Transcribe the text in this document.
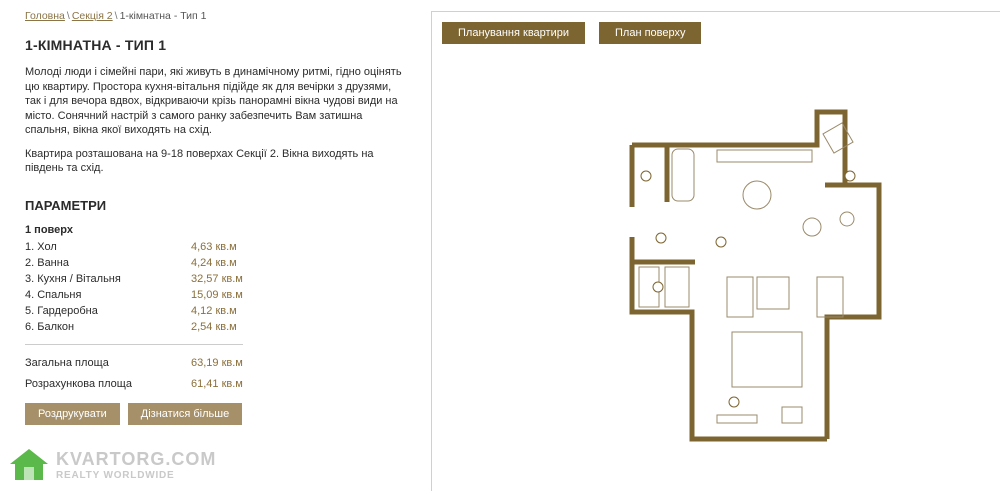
Головна \ Секція 2 \ 1-кімнатна - Тип 1
1-КІМНАТНА - ТИП 1

Молоді люди і сімейні пари, які живуть в динамічному ритмі, гідно оцінять цю квартиру. Простора кухня-вітальня підійде як для вечірки з друзями, так і для вечора вдвох, відкриваючи крізь панорамні вікна чудові види на місто. Сонячний настрій з самого ранку забезпечить Вам затишна спальня, вікна якої виходять на схід.

Квартира розташована на 9-18 поверхах Секції 2. Вікна виходять на південь та схід.

ПАРАМЕТРИ
1 поверх
1. Хол	4,63 кв.м
2. Ванна	4,24 кв.м
3. Кухня / Вітальня	32,57 кв.м
4. Спальня	15,09 кв.м
5. Гардеробна	4,12 кв.м
6. Балкон	2,54 кв.м
Загальна площа	63,19 кв.м
Розрахункова площа	61,41 кв.м
Роздрукувати	Дізнатися більше
Планування квартири	План поверху
KVARTORG.COM
REALTY WORLDWIDE
